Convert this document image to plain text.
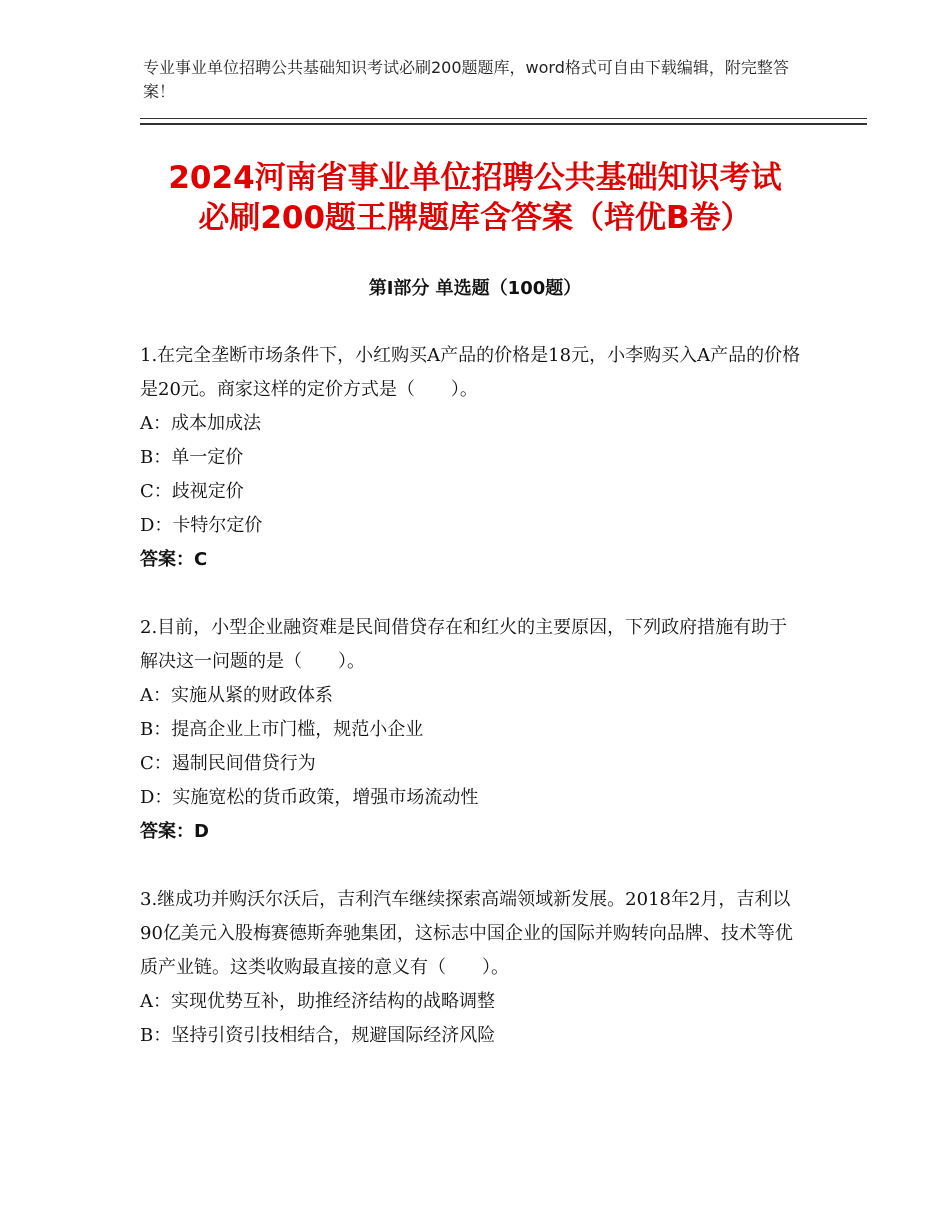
专业事业单位招聘公共基础知识考试必刷200题题库，word格式可自由下载编辑，附完整答案！
2024河南省事业单位招聘公共基础知识考试
必刷200题王牌题库含答案（培优B卷）
第Ⅰ部分 单选题（100题）

1.在完全垄断市场条件下，小红购买A产品的价格是18元，小李购买入A产品的价格是20元。商家这样的定价方式是（　　）。

A：成本加成法

B：单一定价

C：歧视定价

D：卡特尔定价

答案：C

2.目前，小型企业融资难是民间借贷存在和红火的主要原因，下列政府措施有助于解决这一问题的是（　　）。

A：实施从紧的财政体系

B：提高企业上市门槛，规范小企业

C：遏制民间借贷行为

D：实施宽松的货币政策，增强市场流动性

答案：D

3.继成功并购沃尔沃后，吉利汽车继续探索高端领域新发展。2018年2月，吉利以90亿美元入股梅赛德斯奔驰集团，这标志中国企业的国际并购转向品牌、技术等优质产业链。这类收购最直接的意义有（　　）。

A：实现优势互补，助推经济结构的战略调整

B：坚持引资引技相结合，规避国际经济风险
